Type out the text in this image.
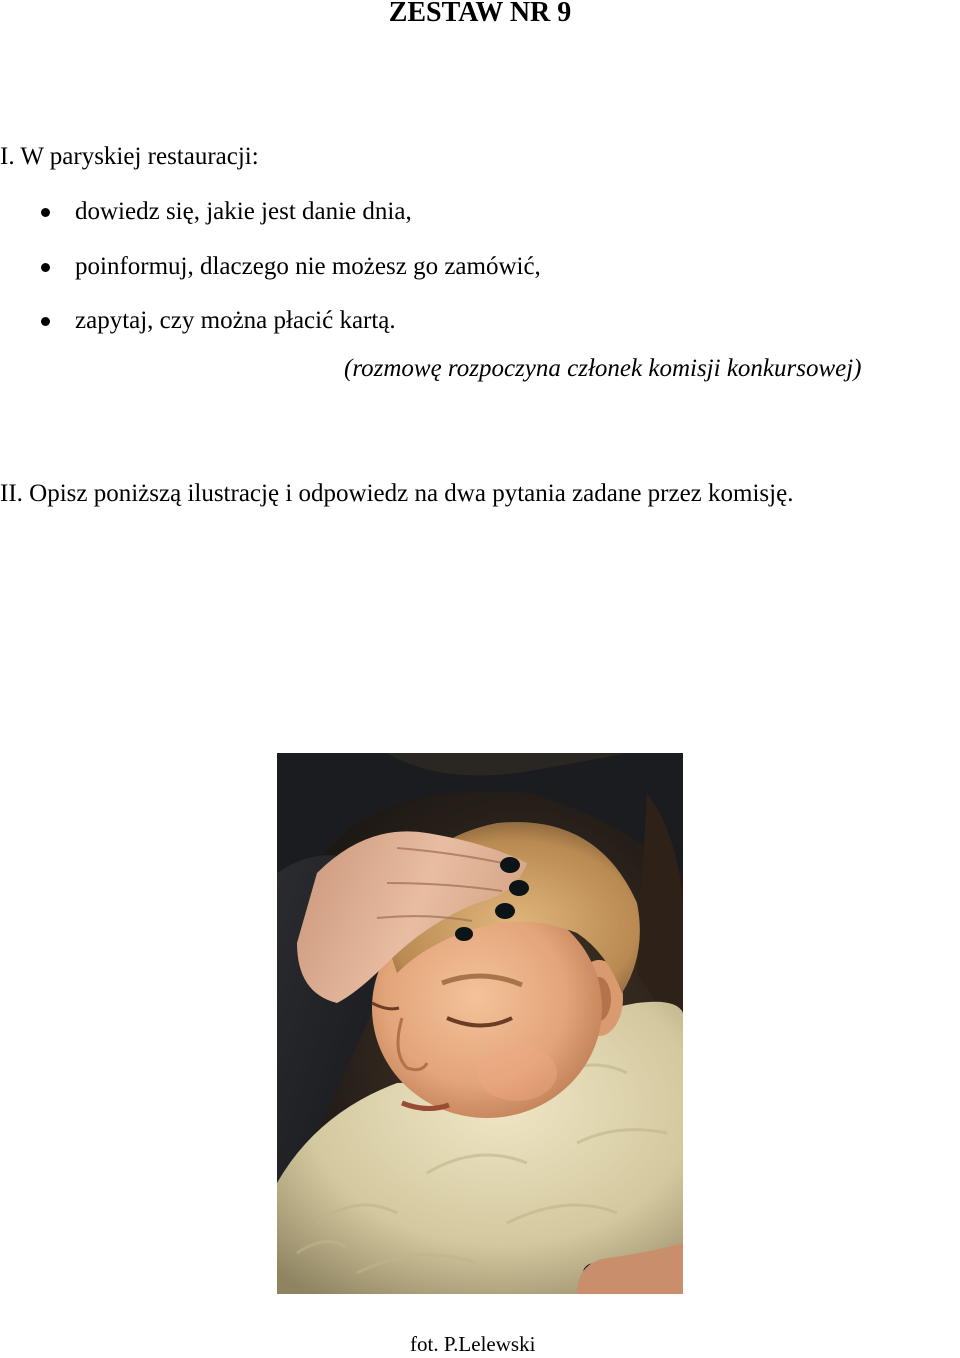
ZESTAW NR 9
I. W paryskiej restauracji:
dowiedz się, jakie jest danie dnia,
poinformuj, dlaczego nie możesz go zamówić,
zapytaj, czy można płacić kartą.
(rozmowę rozpoczyna członek komisji konkursowej)
II. Opisz poniższą ilustrację i odpowiedz na dwa pytania zadane przez komisję.
fot. P.Lelewski
